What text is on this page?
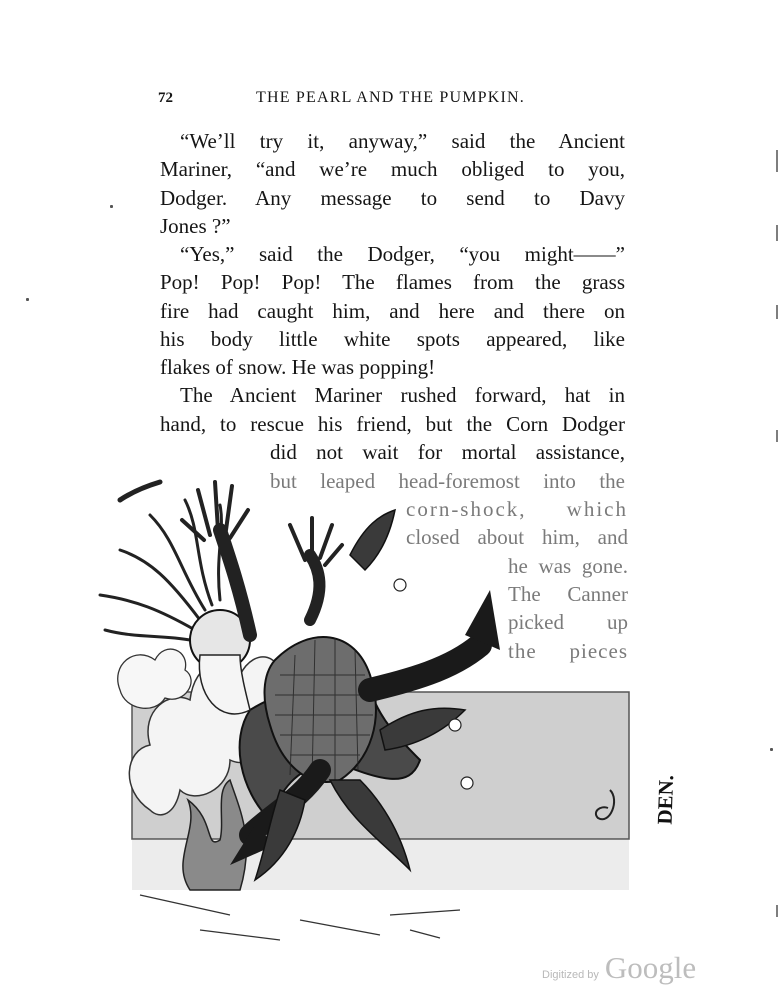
72	THE PEARL AND THE PUMPKIN.
“We’ll try it, anyway,” said the Ancient
Mariner, “and we’re much obliged to you,
Dodger. Any message to send to Davy
Jones ?”
“Yes,” said the Dodger, “you might——”
Pop! Pop! Pop! The flames from the grass
fire had caught him, and here and there on
his body little white spots appeared, like
flakes of snow. He was popping!
The Ancient Mariner rushed forward, hat in
hand, to rescue his friend, but the Corn Dodger
did not wait for mortal assistance,
but leaped head-foremost into the
corn-shock, which
closed about him, and
he was gone.
The Canner
picked up
the pieces
DEN.
Digitized by Google
